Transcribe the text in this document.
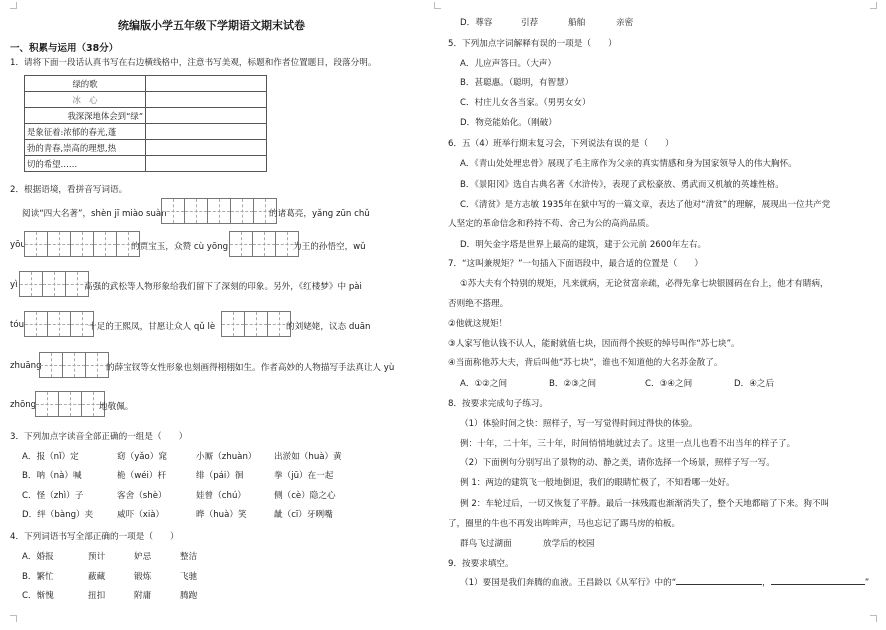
统编版小学五年级下学期语文期末试卷
一、积累与运用（38分）
1．请将下面一段话认真书写在右边横线格中，注意书写美观，标题和作者位置题目，段落分明。
绿的歌	
冰　心	
我深深地体会到“绿”	
是象征着:浓郁的春光,蓬	
勃的青春,崇高的理想,热	
切的希望……	
2．根据语境，看拼音写词语。
阅读“四大名著”，shèn jī miào suàn	的诸葛亮，yǎng zūn chǔ
yōu	的贾宝玉，众赞 cù yōng	为王的孙悟空，wǔ
yì	高强的武松等人物形象给我们留下了深刻的印象。另外，《红楼梦》中 pài
tóu	十足的王熙凤，甘愿让众人 qǔ lè	的刘姥姥，议态 duān
zhuāng	的薛宝钗等女性形象也刻画得栩栩如生。作者高妙的人物描写手法真让人 yù
zhōng	地敬佩。
3．下列加点字读音全部正确的一组是（　　）
A．报（nǐ）定	窈（yǎo）窕	小厮（zhuàn） 出淤如（huà）黄
B．呐（nà）喊	桅（wéi）杆	绯（pái）徊	拳（jū）在一起
C．怪（zhì）子	客舍（shè）	娃曾（chú）	侧（cè）隐之心
D．绊（bàng）夹	威吓（xià）	晔（huà）笑	龇（cī）牙咧嘴
4．下列词语书写全部正确的一项是（　　）
A．婚报	预计	妒忌	整洁
B．繁忙	蔽藏	锻炼	飞驰
C．惭愧	扭扣	附庸	腾跑
D．尊容	引荐	船舶	亲密
5．下列加点字词解释有误的一项是（　　）
A．儿应声答曰。（大声）
B．甚聪惠。（聪明，有智慧）
C．村庄儿女各当家。（男男女女）
D．物竞能始化。（刚破）
6．五（4）班举行期末复习会，下列说法有误的是（　　）
A．《青山处处埋忠骨》展现了毛主席作为父亲的真实情感和身为国家领导人的伟大胸怀。
B．《景阳冈》选自古典名著《水浒传》，表现了武松豪放、勇武而又机敏的英雄性格。
C．《清贫》是方志敏 1935年在狱中写的一篇文章，表达了他对“清贫”的理解，展现出一位共产党
人坚定的革命信念和矜持不苟、舍己为公的高尚品质。
D．明矢金字塔是世界上最高的建筑，建于公元前 2600年左右。
7．“这叫兼规矩？”一句插入下面语段中，最合适的位置是（　　）
①苏大夫有个特别的规矩，凡来就病，无论贫富亲疏，必得先拿七块银圆码在台上，他才有睛病，
否则绝不搭理。
②他就这规矩！
③人家写他认钱不认人，能耐就值七块，因而得个挨贬的绰号叫作“苏七块”。
④当面称他苏大夫，背后叫他“苏七块”，谁也不知道他的大名苏金散了。
A．①②之间	B．②③之间	C．③④之间	D．④之后
8．按要求完成句子练习。
（1）体验时间之快：照样子，写一写觉得时间过得快的体验。
例：十年，二十年，三十年，时间悄悄地就过去了。这里一点儿也看不出当年的样子了。
（2）下面例句分别写出了景物的动、静之美，请你选择一个场景，照样子写一写。
例 1：两边的建筑飞一般地倒退，我们的眼睛忙极了，不知看哪一处好。
例 2：车轮过后，一切又恢复了平静。最后一抹残霞也渐渐消失了，整个天地都暗了下来。狗不叫
了，圈里的牛也不再发出哞哞声，马也忘记了踢马房的柏板。
群鸟飞过湖面	放学后的校园
9．按要求填空。
（1）要国是我们奔腾的血液。王昌龄以《从军行》中的“	，	”
